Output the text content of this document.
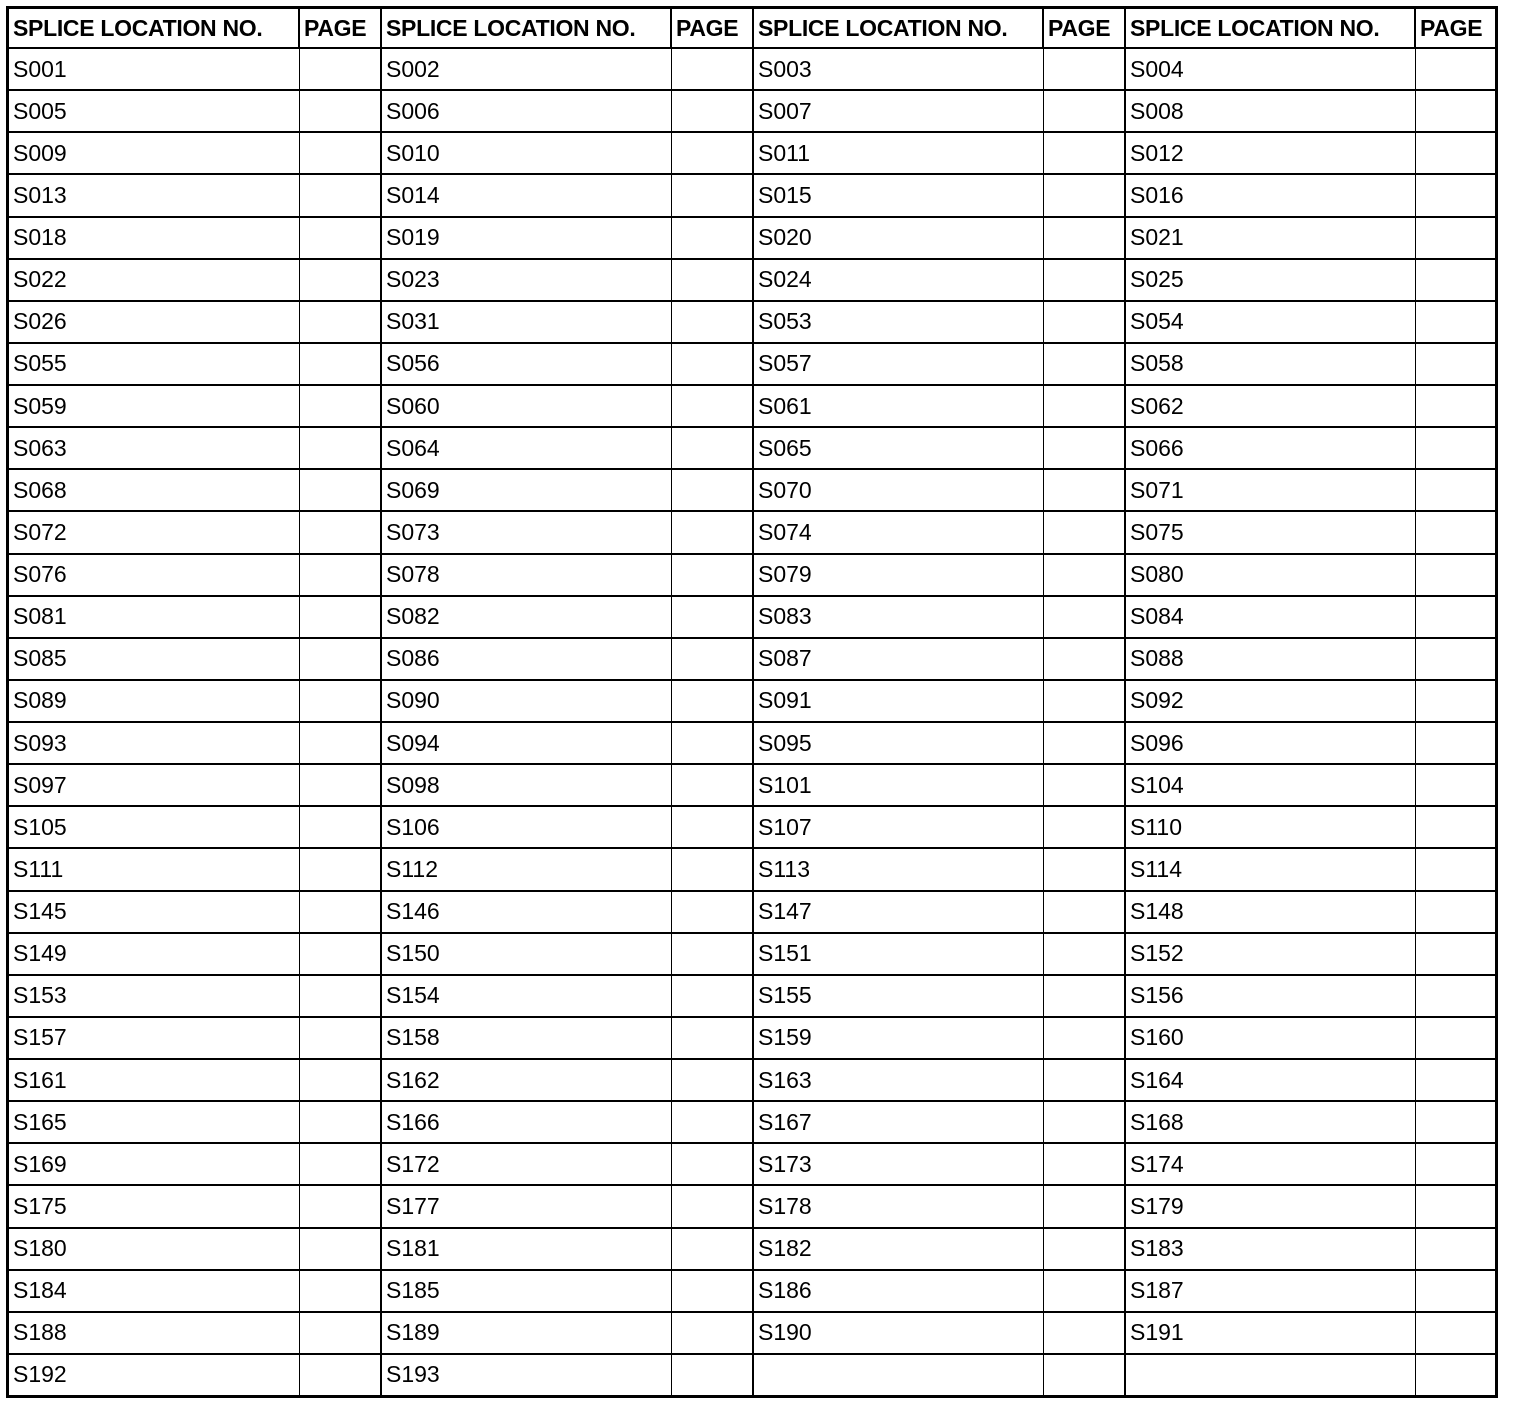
SPLICE LOCATION NO.	PAGE	SPLICE LOCATION NO.	PAGE	SPLICE LOCATION NO.	PAGE	SPLICE LOCATION NO.	PAGE
S001		S002		S003		S004	
S005		S006		S007		S008	
S009		S010		S011		S012	
S013		S014		S015		S016	
S018		S019		S020		S021	
S022		S023		S024		S025	
S026		S031		S053		S054	
S055		S056		S057		S058	
S059		S060		S061		S062	
S063		S064		S065		S066	
S068		S069		S070		S071	
S072		S073		S074		S075	
S076		S078		S079		S080	
S081		S082		S083		S084	
S085		S086		S087		S088	
S089		S090		S091		S092	
S093		S094		S095		S096	
S097		S098		S101		S104	
S105		S106		S107		S110	
S111		S112		S113		S114	
S145		S146		S147		S148	
S149		S150		S151		S152	
S153		S154		S155		S156	
S157		S158		S159		S160	
S161		S162		S163		S164	
S165		S166		S167		S168	
S169		S172		S173		S174	
S175		S177		S178		S179	
S180		S181		S182		S183	
S184		S185		S186		S187	
S188		S189		S190		S191	
S192		S193					
